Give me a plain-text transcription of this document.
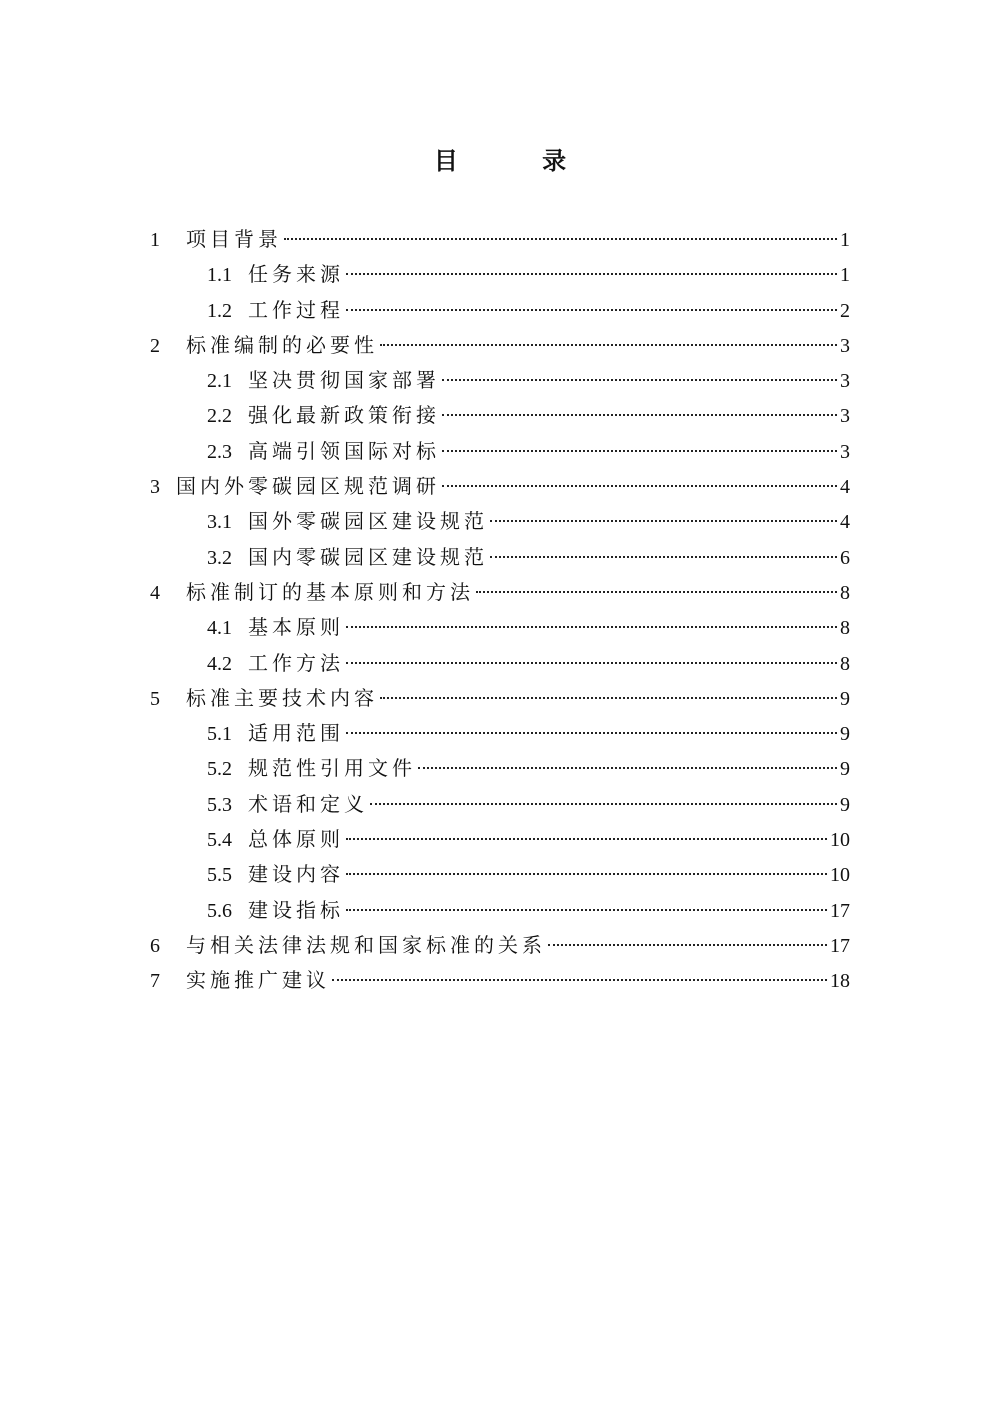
目 录
1	项目背景	1
1.1 任务来源	1
1.2 工作过程	2
2	标准编制的必要性	3
2.1 坚决贯彻国家部署	3
2.2 强化最新政策衔接	3
2.3 高端引领国际对标	3
3 国内外零碳园区规范调研	4
3.1 国外零碳园区建设规范	4
3.2 国内零碳园区建设规范	6
4	标准制订的基本原则和方法	8
4.1 基本原则	8
4.2 工作方法	8
5	标准主要技术内容	9
5.1 适用范围	9
5.2 规范性引用文件	9
5.3 术语和定义	9
5.4 总体原则	10
5.5 建设内容	10
5.6 建设指标	17
6	与相关法律法规和国家标准的关系	17
7	实施推广建议	18
